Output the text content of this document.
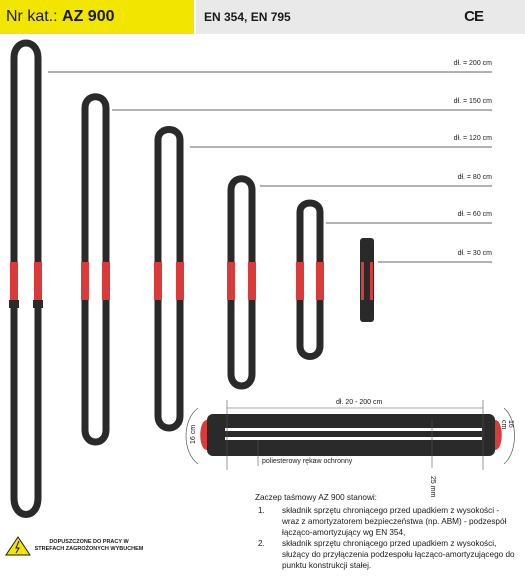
Nr kat.: AZ 900	EN 354, EN 795	CE
dł. = 200 cm
dł. = 150 cm
dł. = 120 cm
dł. = 80 cm
dł. = 60 cm
dł. = 30 cm
dł. 20 - 200 cm
16 cm
16 cm
poliesterowy rękaw ochronny
25 mm

Zaczep taśmowy AZ 900 stanowi:

1. składnik sprzętu chroniącego przed upadkiem z wysokości - wraz z amortyzatorem bezpieczeństwa (np. ABM) - podzespół łącząco-amortyzujący wg EN 354,
2. składnik sprzętu chroniącego przed upadkiem z wysokości, służący do przyłączenia podzespołu łącząco-amortyzującego do punktu konstrukcji stałej.
DOPUSZCZONE DO PRACY W STREFACH ZAGROŻONYCH WYBUCHEM
